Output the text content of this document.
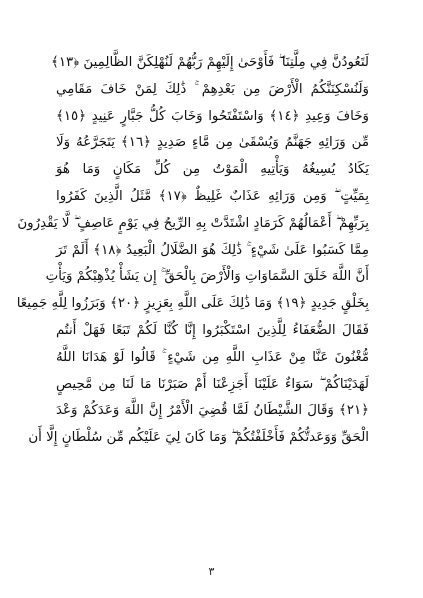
لَتَعُودُنَّ فِي مِلَّتِنَا ۖ فَأَوْحَىٰ إِلَيْهِمْ رَبُّهُمْ لَنُهْلِكَنَّ الظَّالِمِينَ ﴿١٣﴾
وَلَنُسْكِنَنَّكُمُ الْأَرْضَ مِن بَعْدِهِمْ ۚ ذَٰلِكَ لِمَنْ خَافَ مَقَامِي
وَخَافَ وَعِيدِ ﴿١٤﴾ وَاسْتَفْتَحُوا وَخَابَ كُلُّ جَبَّارٍ عَنِيدٍ ﴿١٥﴾
مِّن وَرَائِهِ جَهَنَّمُ وَيُسْقَىٰ مِن مَّاءٍ صَدِيدٍ ﴿١٦﴾ يَتَجَرَّعُهُ وَلَا
يَكَادُ يُسِيغُهُ وَيَأْتِيهِ الْمَوْتُ مِن كُلِّ مَكَانٍ وَمَا هُوَ
بِمَيِّتٍ ۖ وَمِن وَرَائِهِ عَذَابٌ غَلِيظٌ ﴿١٧﴾ مَّثَلُ الَّذِينَ كَفَرُوا
بِرَبِّهِمْ ۖ أَعْمَالُهُمْ كَرَمَادٍ اشْتَدَّتْ بِهِ الرِّيحُ فِي يَوْمٍ عَاصِفٍ ۖ لَّا يَقْدِرُونَ
مِمَّا كَسَبُوا عَلَىٰ شَيْءٍ ۚ ذَٰلِكَ هُوَ الضَّلَالُ الْبَعِيدُ ﴿١٨﴾ أَلَمْ تَرَ
أَنَّ اللَّهَ خَلَقَ السَّمَاوَاتِ وَالْأَرْضَ بِالْحَقِّ ۚ إِن يَشَأْ يُذْهِبْكُمْ وَيَأْتِ
بِخَلْقٍ جَدِيدٍ ﴿١٩﴾ وَمَا ذَٰلِكَ عَلَى اللَّهِ بِعَزِيزٍ ﴿٢٠﴾ وَبَرَزُوا لِلَّهِ جَمِيعًا
فَقَالَ الضُّعَفَاءُ لِلَّذِينَ اسْتَكْبَرُوا إِنَّا كُنَّا لَكُمْ تَبَعًا فَهَلْ أَنتُم
مُّغْنُونَ عَنَّا مِنْ عَذَابِ اللَّهِ مِن شَيْءٍ ۚ قَالُوا لَوْ هَدَانَا اللَّهُ
لَهَدَيْنَاكُمْ ۖ سَوَاءٌ عَلَيْنَا أَجَزِعْنَا أَمْ صَبَرْنَا مَا لَنَا مِن مَّحِيصٍ
﴿٢١﴾ وَقَالَ الشَّيْطَانُ لَمَّا قُضِيَ الْأَمْرُ إِنَّ اللَّهَ وَعَدَكُمْ وَعْدَ
الْحَقِّ وَوَعَدتُّكُمْ فَأَخْلَفْتُكُمْ ۖ وَمَا كَانَ لِيَ عَلَيْكُم مِّن سُلْطَانٍ إِلَّا أَن
٣
